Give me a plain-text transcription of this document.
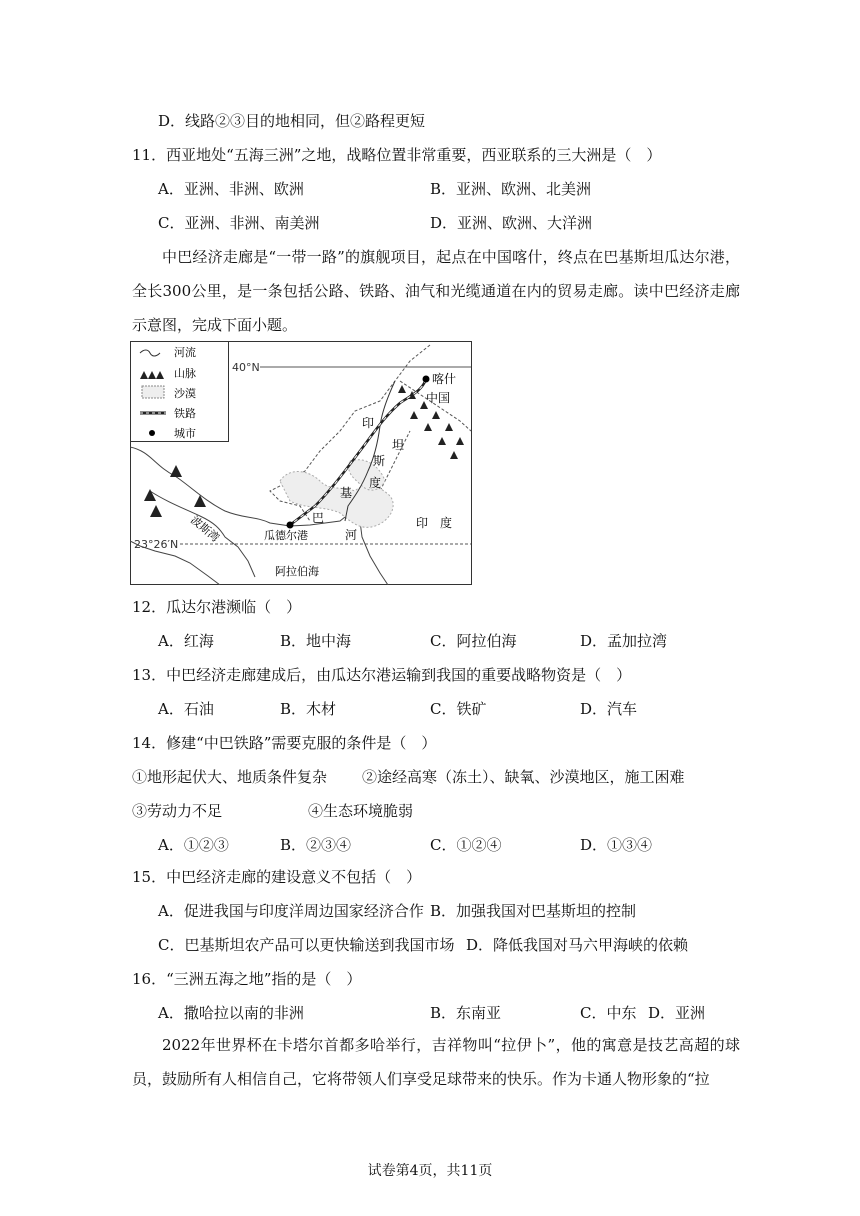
D．线路②③目的地相同，但②路程更短
11．西亚地处“五海三洲”之地，战略位置非常重要，西亚联系的三大洲是（　）
A．亚洲、非洲、欧洲	B．亚洲、欧洲、北美洲
C．亚洲、非洲、南美洲	D．亚洲、欧洲、大洋洲
中巴经济走廊是“一带一路”的旗舰项目，起点在中国喀什，终点在巴基斯坦瓜达尔港，全长300公里，是一条包括公路、铁路、油气和光缆通道在内的贸易走廊。读中巴经济走廊示意图，完成下面小题。
40°N
23°26′N
喀什
中国
印
度
河
巴
基
斯
坦
印　度
瓜德尔港
波斯湾
阿拉伯海
河流
山脉
沙漠
铁路
城市
12．瓜达尔港濒临（　）
A．红海	B．地中海	C．阿拉伯海	D．孟加拉湾
13．中巴经济走廊建成后，由瓜达尔港运输到我国的重要战略物资是（　）
A．石油	B．木材	C．铁矿	D．汽车
14．修建“中巴铁路”需要克服的条件是（　）
①地形起伏大、地质条件复杂 ②途经高寒（冻土）、缺氧、沙漠地区，施工困难
③劳动力不足	④生态环境脆弱
A．①②③	B．②③④	C．①②④	D．①③④
15．中巴经济走廊的建设意义不包括（　）
A．促进我国与印度洋周边国家经济合作 B．加强我国对巴基斯坦的控制
C．巴基斯坦农产品可以更快输送到我国市场 D．降低我国对马六甲海峡的依赖
16．“三洲五海之地”指的是（　）
A．撒哈拉以南的非洲	B．东南亚	C．中东 D．亚洲
2022年世界杯在卡塔尔首都多哈举行，吉祥物叫“拉伊卜”，他的寓意是技艺高超的球员，鼓励所有人相信自己，它将带领人们享受足球带来的快乐。作为卡通人物形象的“拉
试卷第4页，共11页
